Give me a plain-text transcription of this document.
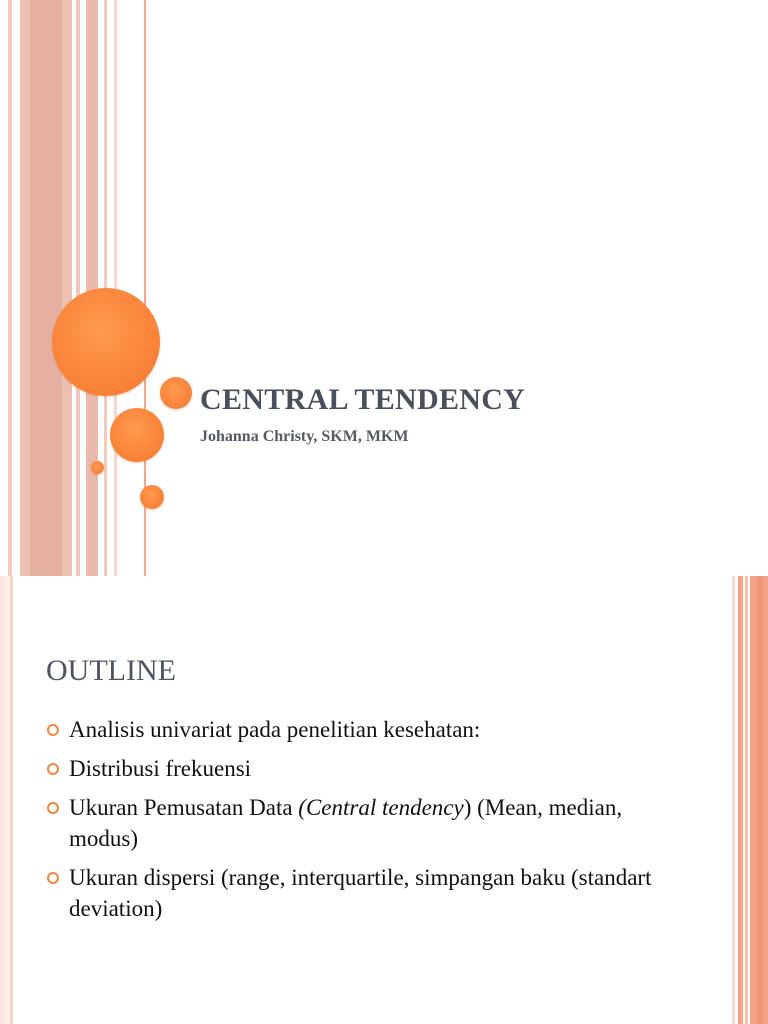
CENTRAL TENDENCY

Johanna Christy, SKM, MKM

OUTLINE
Analisis univariat pada penelitian kesehatan:
Distribusi frekuensi
Ukuran Pemusatan Data (Central tendency) (Mean, median, modus)
Ukuran dispersi (range, interquartile, simpangan baku (standart deviation)
